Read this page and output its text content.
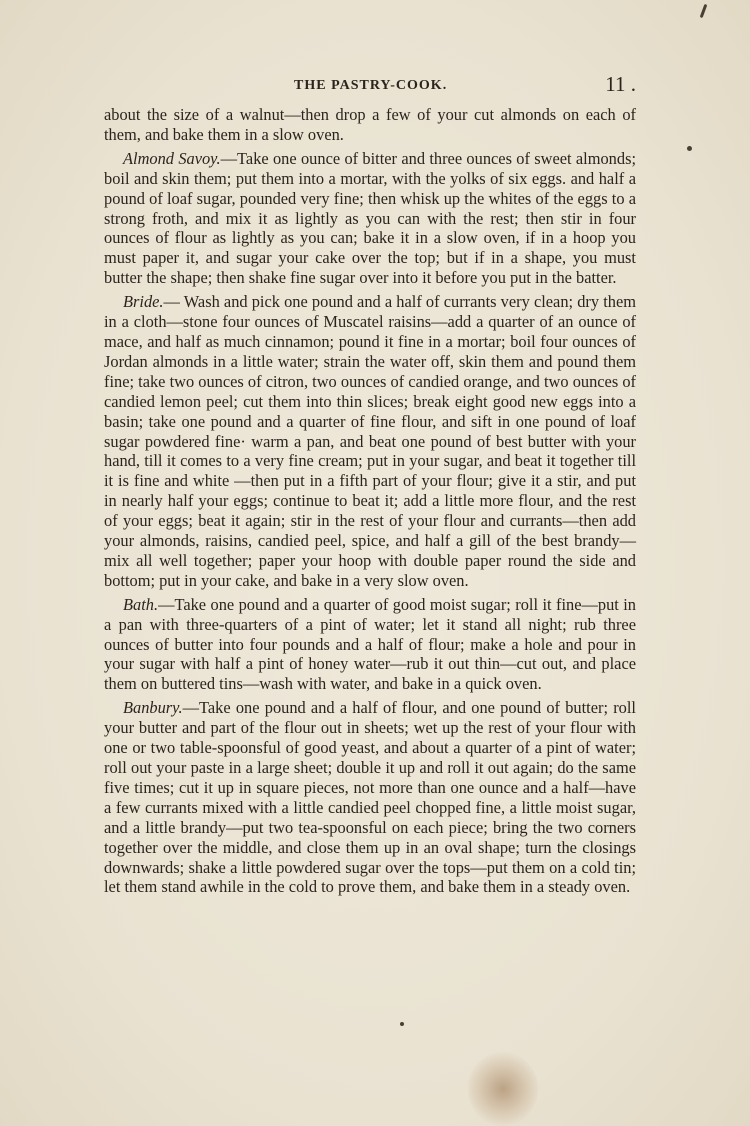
THE PASTRY-COOK.	11 .

about the size of a walnut—then drop a few of your cut almonds on each of them, and bake them in a slow oven.

Almond Savoy.—Take one ounce of bitter and three ounces of sweet almonds; boil and skin them; put them into a mortar, with the yolks of six eggs. and half a pound of loaf sugar, pounded very fine; then whisk up the whites of the eggs to a strong froth, and mix it as lightly as you can with the rest; then stir in four ounces of flour as lightly as you can; bake it in a slow oven, if in a hoop you must paper it, and sugar your cake over the top; but if in a shape, you must butter the shape; then shake fine sugar over into it before you put in the batter.

Bride.— Wash and pick one pound and a half of currants very clean; dry them in a cloth—stone four ounces of Muscatel raisins—add a quarter of an ounce of mace, and half as much cinnamon; pound it fine in a mortar; boil four ounces of Jordan almonds in a little water; strain the water off, skin them and pound them fine; take two ounces of citron, two ounces of candied orange, and two ounces of candied lemon peel; cut them into thin slices; break eight good new eggs into a basin; take one pound and a quarter of fine flour, and sift in one pound of loaf sugar powdered fine· warm a pan, and beat one pound of best butter with your hand, till it comes to a very fine cream; put in your sugar, and beat it together till it is fine and white —then put in a fifth part of your flour; give it a stir, and put in nearly half your eggs; continue to beat it; add a little more flour, and the rest of your eggs; beat it again; stir in the rest of your flour and currants—then add your almonds, raisins, candied peel, spice, and half a gill of the best brandy—mix all well together; paper your hoop with double paper round the side and bottom; put in your cake, and bake in a very slow oven.

Bath.—Take one pound and a quarter of good moist sugar; roll it fine—put in a pan with three-quarters of a pint of water; let it stand all night; rub three ounces of butter into four pounds and a half of flour; make a hole and pour in your sugar with half a pint of honey water—rub it out thin—cut out, and place them on buttered tins—wash with water, and bake in a quick oven.

Banbury.—Take one pound and a half of flour, and one pound of butter; roll your butter and part of the flour out in sheets; wet up the rest of your flour with one or two table-spoonsful of good yeast, and about a quarter of a pint of water; roll out your paste in a large sheet; double it up and roll it out again; do the same five times; cut it up in square pieces, not more than one ounce and a half—have a few currants mixed with a little candied peel chopped fine, a little moist sugar, and a little brandy—put two tea-spoonsful on each piece; bring the two corners together over the middle, and close them up in an oval shape; turn the closings downwards; shake a little powdered sugar over the tops—put them on a cold tin; let them stand awhile in the cold to prove them, and bake them in a steady oven.
